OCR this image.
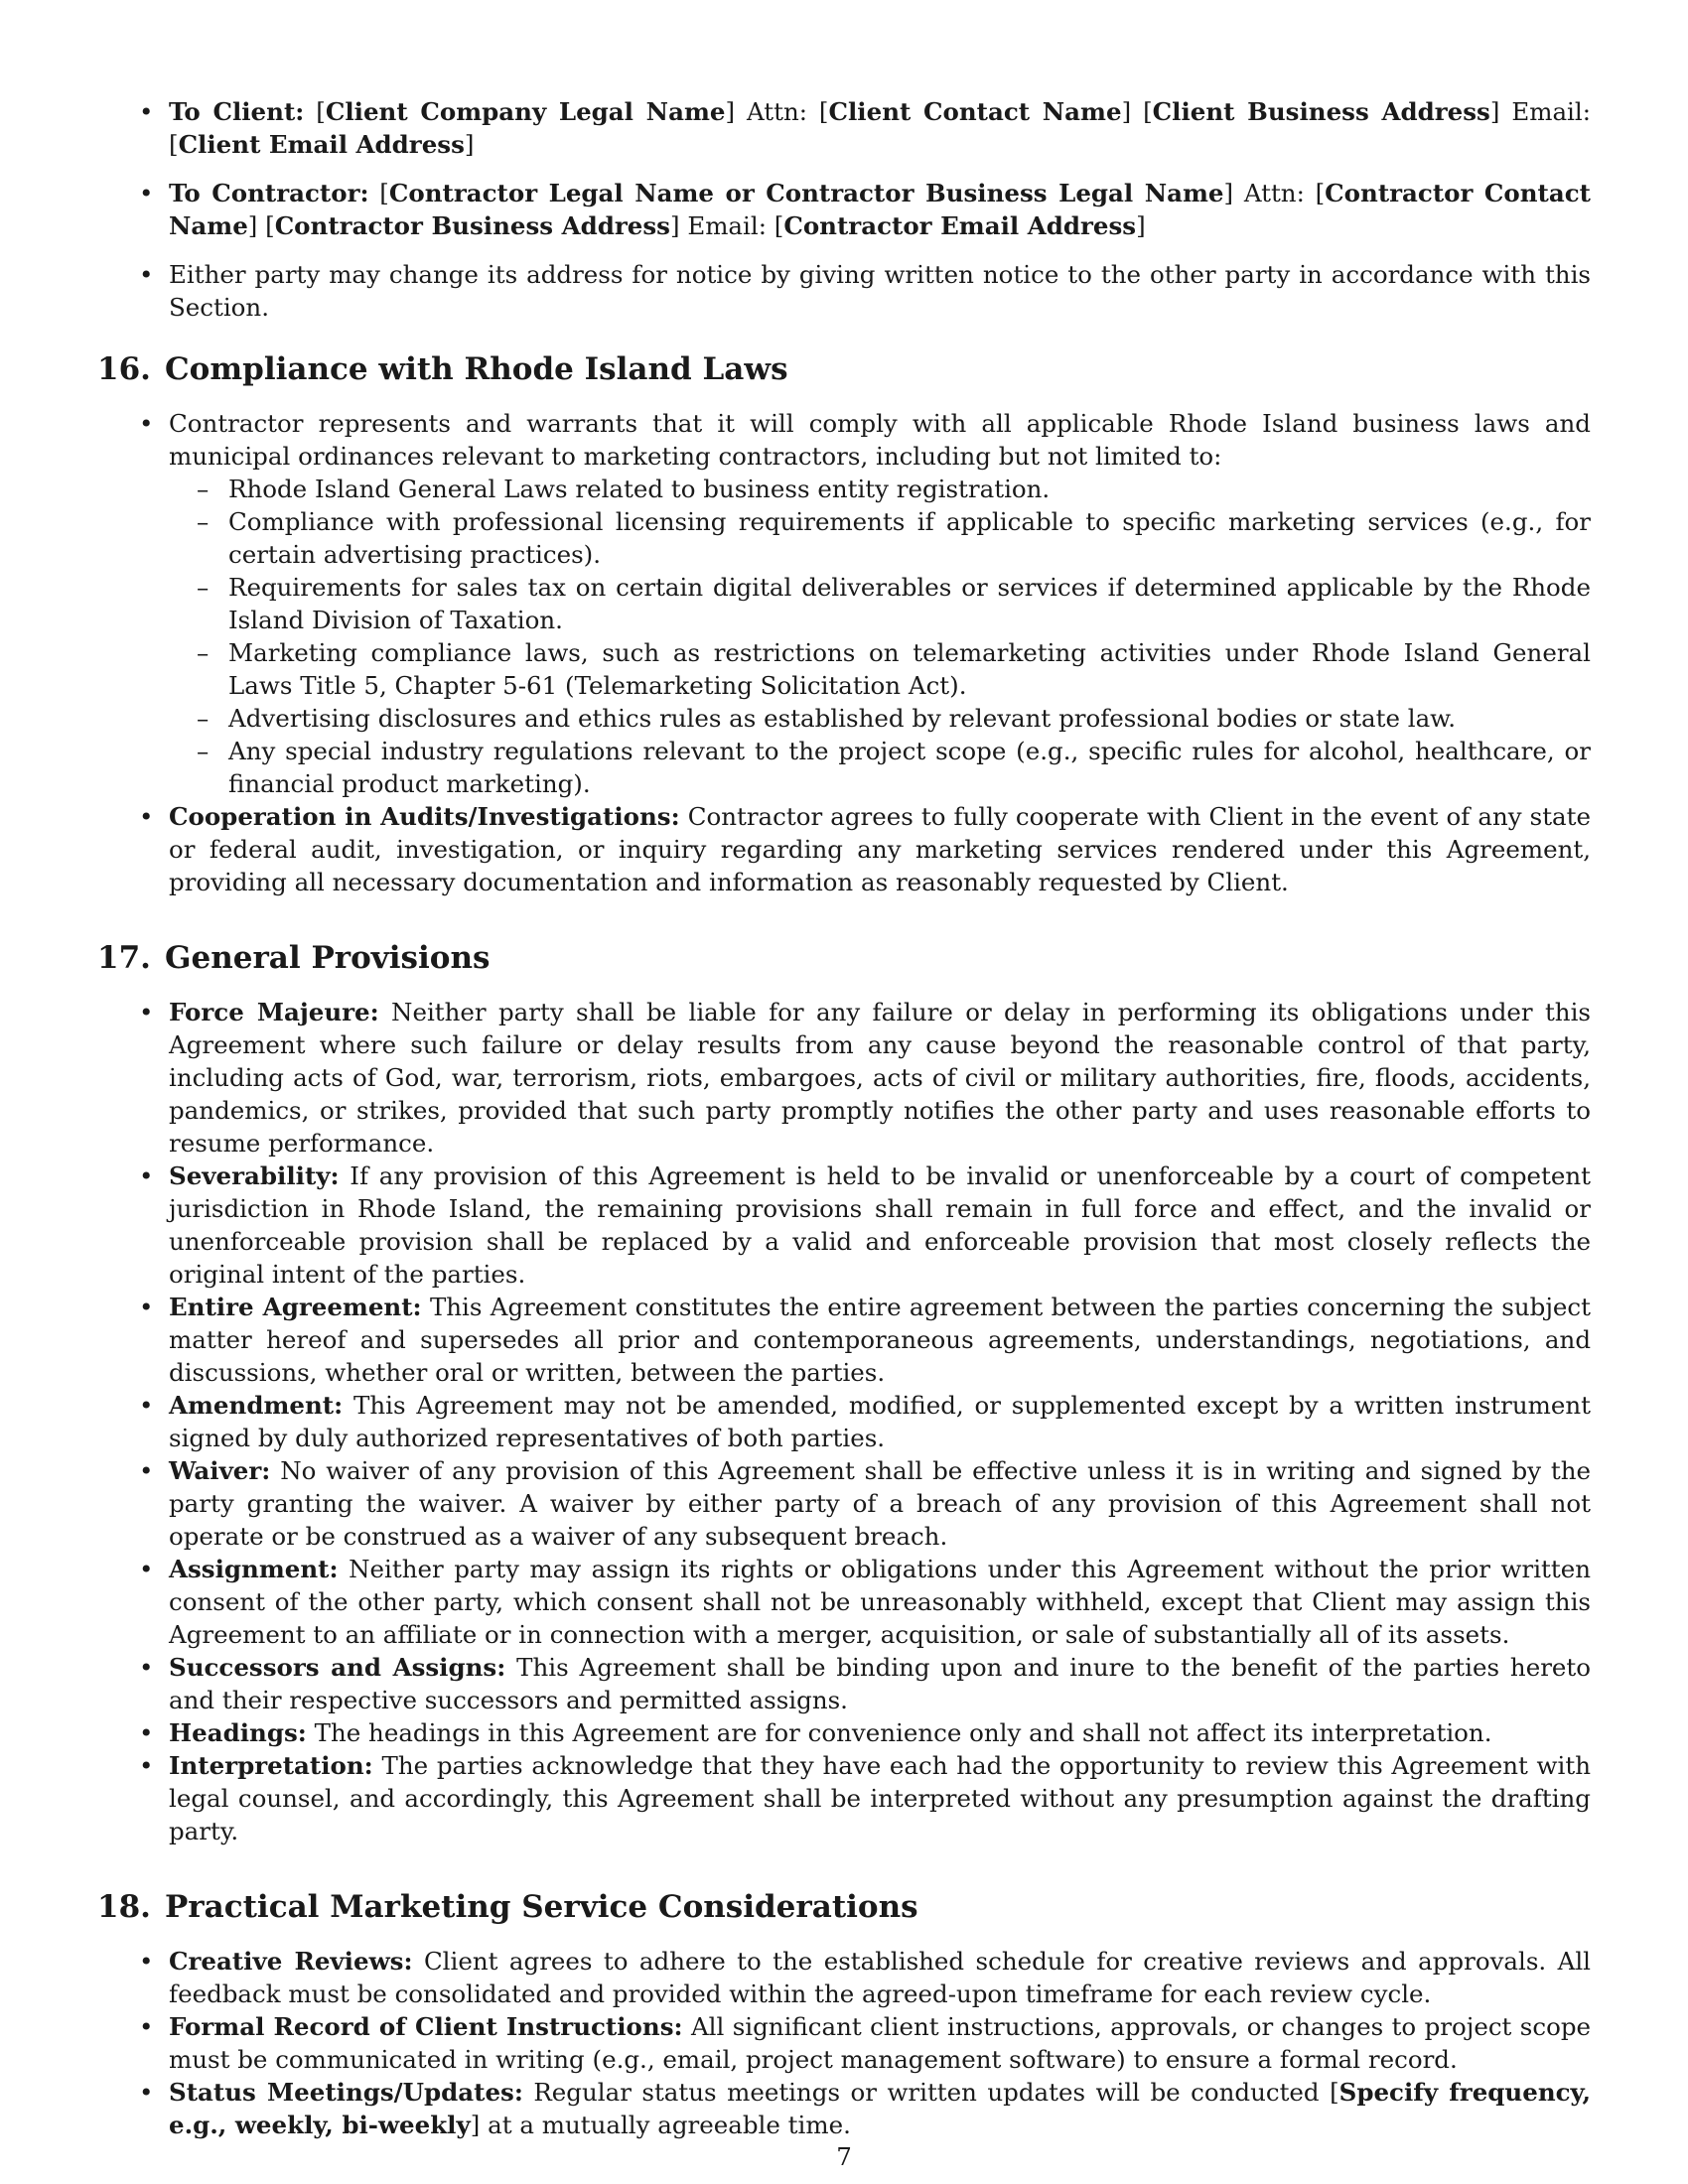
• To Client: [Client Company Legal Name] Attn: [Client Contact Name] [Client Business Address] Email: [Client Email Address]
• To Contractor: [Contractor Legal Name or Contractor Business Legal Name] Attn: [Contractor Contact Name] [Contractor Business Address] Email: [Contractor Email Address]
• Either party may change its address for notice by giving written notice to the other party in accordance with this Section.
16. Compliance with Rhode Island Laws
• Contractor represents and warrants that it will comply with all applicable Rhode Island business laws and municipal ordinances relevant to marketing contractors, including but not limited to:
– Rhode Island General Laws related to business entity registration.
– Compliance with professional licensing requirements if applicable to specific marketing services (e.g., for certain advertising practices).
– Requirements for sales tax on certain digital deliverables or services if determined applicable by the Rhode Island Division of Taxation.
– Marketing compliance laws, such as restrictions on telemarketing activities under Rhode Island General Laws Title 5, Chapter 5-61 (Telemarketing Solicitation Act).
– Advertising disclosures and ethics rules as established by relevant professional bodies or state law.
– Any special industry regulations relevant to the project scope (e.g., specific rules for alcohol, healthcare, or financial product marketing).
• Cooperation in Audits/Investigations: Contractor agrees to fully cooperate with Client in the event of any state or federal audit, investigation, or inquiry regarding any marketing services rendered under this Agreement, providing all necessary documentation and information as reasonably requested by Client.
17. General Provisions
• Force Majeure: Neither party shall be liable for any failure or delay in performing its obligations under this Agreement where such failure or delay results from any cause beyond the reasonable control of that party, including acts of God, war, terrorism, riots, embargoes, acts of civil or military authorities, fire, floods, accidents, pandemics, or strikes, provided that such party promptly notifies the other party and uses reasonable efforts to resume performance.
• Severability: If any provision of this Agreement is held to be invalid or unenforceable by a court of competent jurisdiction in Rhode Island, the remaining provisions shall remain in full force and effect, and the invalid or unenforceable provision shall be replaced by a valid and enforceable provision that most closely reflects the original intent of the parties.
• Entire Agreement: This Agreement constitutes the entire agreement between the parties concerning the subject matter hereof and supersedes all prior and contemporaneous agreements, understandings, negotiations, and discussions, whether oral or written, between the parties.
• Amendment: This Agreement may not be amended, modified, or supplemented except by a written instrument signed by duly authorized representatives of both parties.
• Waiver: No waiver of any provision of this Agreement shall be effective unless it is in writing and signed by the party granting the waiver. A waiver by either party of a breach of any provision of this Agreement shall not operate or be construed as a waiver of any subsequent breach.
• Assignment: Neither party may assign its rights or obligations under this Agreement without the prior written consent of the other party, which consent shall not be unreasonably withheld, except that Client may assign this Agreement to an affiliate or in connection with a merger, acquisition, or sale of substantially all of its assets.
• Successors and Assigns: This Agreement shall be binding upon and inure to the benefit of the parties hereto and their respective successors and permitted assigns.
• Headings: The headings in this Agreement are for convenience only and shall not affect its interpretation.
• Interpretation: The parties acknowledge that they have each had the opportunity to review this Agreement with legal counsel, and accordingly, this Agreement shall be interpreted without any presumption against the drafting party.
18. Practical Marketing Service Considerations
• Creative Reviews: Client agrees to adhere to the established schedule for creative reviews and approvals. All feedback must be consolidated and provided within the agreed-upon timeframe for each review cycle.
• Formal Record of Client Instructions: All significant client instructions, approvals, or changes to project scope must be communicated in writing (e.g., email, project management software) to ensure a formal record.
• Status Meetings/Updates: Regular status meetings or written updates will be conducted [Specify frequency, e.g., weekly, bi-weekly] at a mutually agreeable time.
7
